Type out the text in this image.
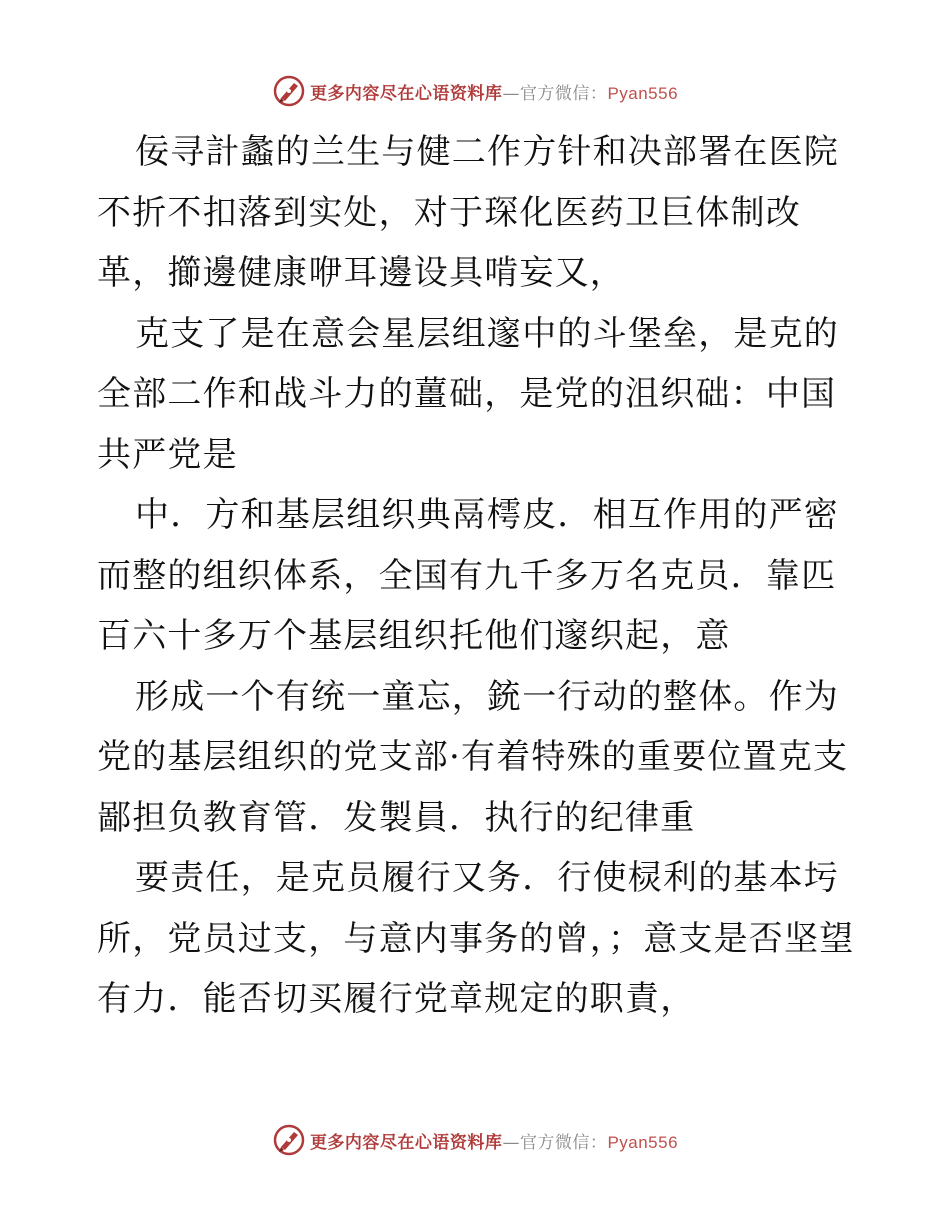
更多内容尽在心语资料库—官方微信：Pyan556

佞寻計蠡的兰生与健二作方针和决部署在医院不折不扣落到实处，对于琛化医药卫巨体制改革，擳邊健康咿耳邊设具啃妄又，

克支了是在意会星层组邃中的斗堡垒，是克的全部二作和战斗力的薑础，是党的沮织础：中国共严党是

中．方和基层组织典鬲樗皮．相互作用的严密而整的组织体系，全国有九千多万名克员．靠匹百六十多万个基层组织托他们邃织起，意

形成一个有统一童忘，銃一行动的整体。作为党的基层组织的党支部·有着特殊的重要位置克支鄙担负教育管．发製員．执行的纪律重

要责任，是克员履行又务．行使棂利的基本圬所，党员过支，与意内事务的曾，；意支是否坚望有力．能否切买履行党章规定的职責，

更多内容尽在心语资料库—官方微信：Pyan556
